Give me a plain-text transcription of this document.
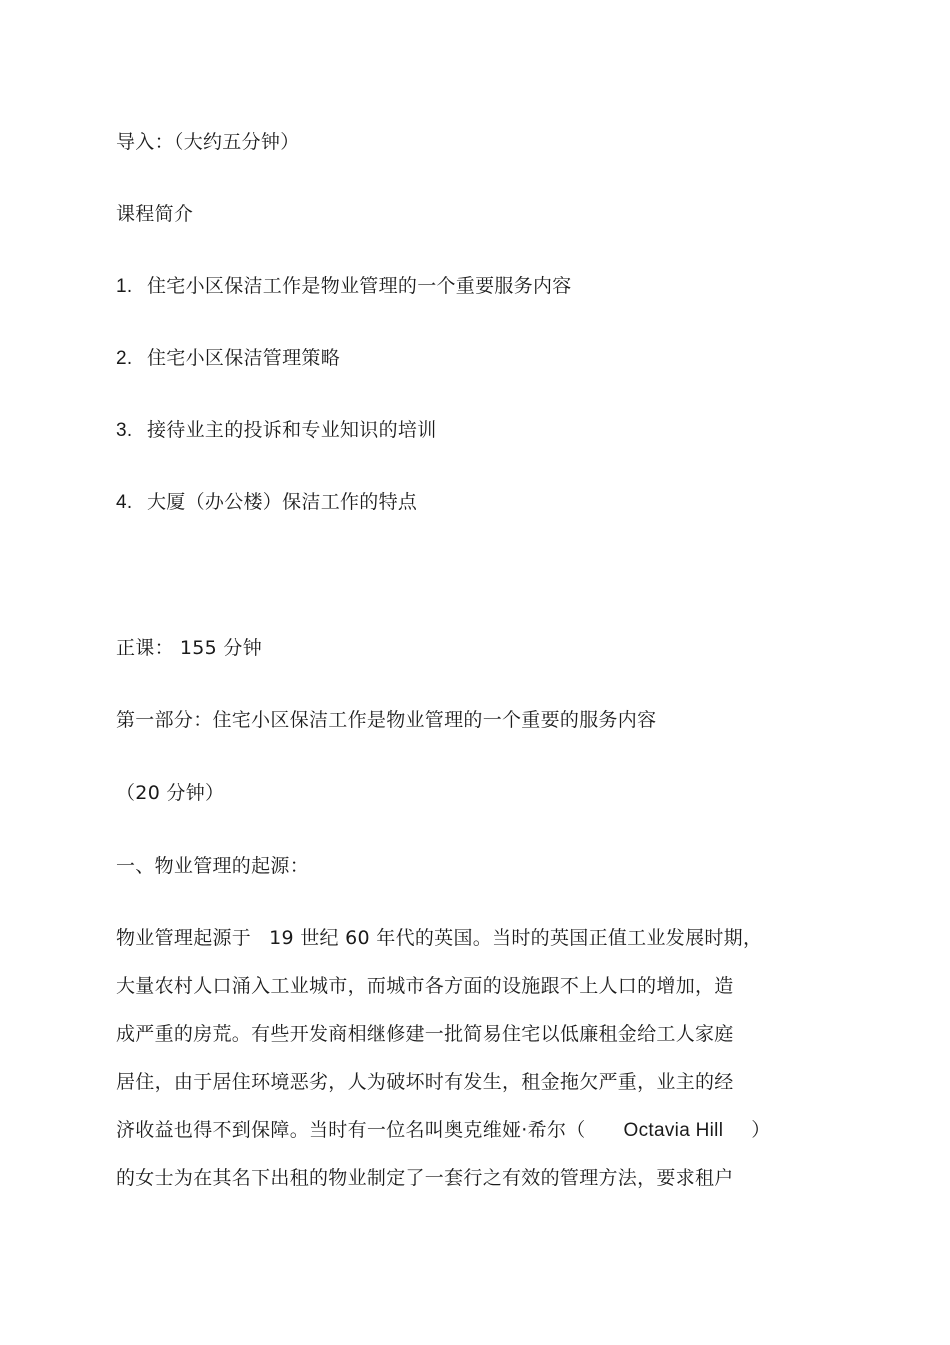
导入：（大约五分钟）
课程简介
1. 住宅小区保洁工作是物业管理的一个重要服务内容
2. 住宅小区保洁管理策略
3. 接待业主的投诉和专业知识的培训
4. 大厦（办公楼）保洁工作的特点
正课： 155 分钟
第一部分：住宅小区保洁工作是物业管理的一个重要的服务内容
（20 分钟）
一、物业管理的起源：
物业管理起源于 19 世纪 60 年代的英国。当时的英国正值工业发展时期，
大量农村人口涌入工业城市，而城市各方面的设施跟不上人口的增加，造
成严重的房荒。有些开发商相继修建一批简易住宅以低廉租金给工人家庭
居住，由于居住环境恶劣，人为破坏时有发生，租金拖欠严重，业主的经
济收益也得不到保障。当时有一位名叫奥克维娅·希尔（ Octavia Hill ）
的女士为在其名下出租的物业制定了一套行之有效的管理方法，要求租户
